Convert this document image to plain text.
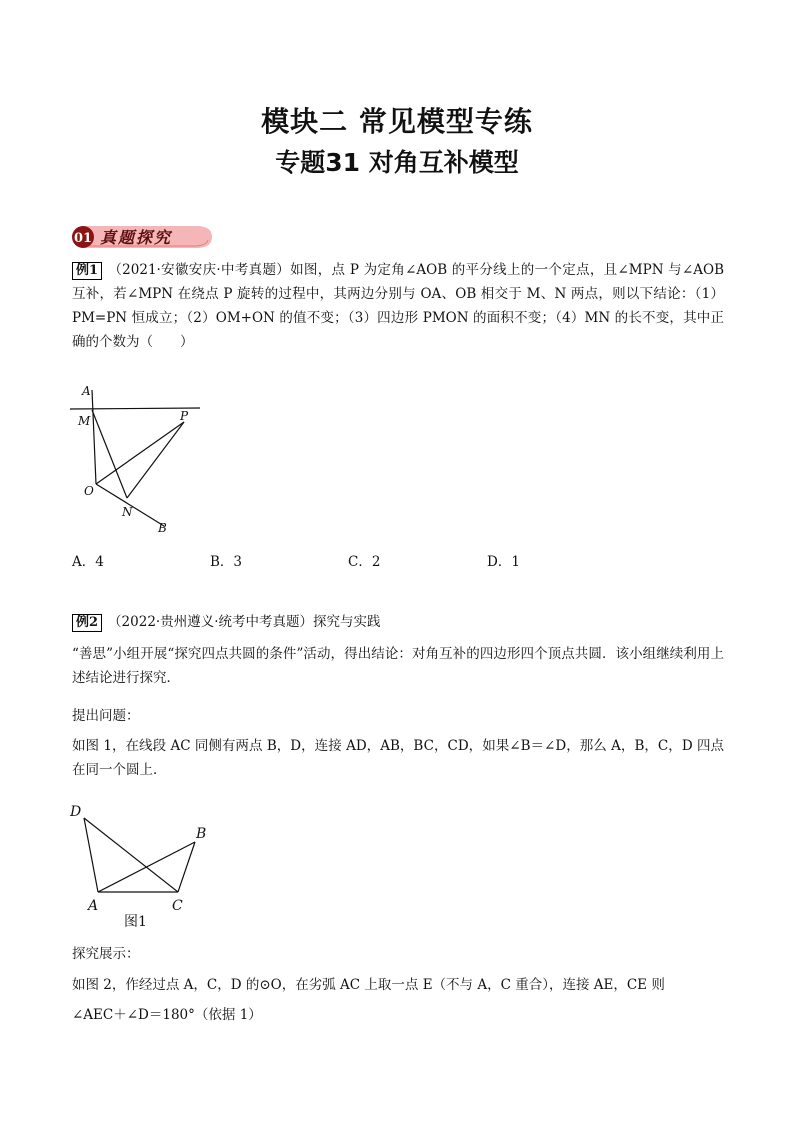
模块二 常见模型专练
专题31 对角互补模型
01 真题探究
例1 （2021·安徽安庆·中考真题）如图，点 P 为定角∠AOB 的平分线上的一个定点，且∠MPN 与∠AOB 互补，若∠MPN 在绕点 P 旋转的过程中，其两边分别与 OA、OB 相交于 M、N 两点，则以下结论：（1）PM=PN 恒成立；（2）OM+ON 的值不变；（3）四边形 PMON 的面积不变；（4）MN 的长不变，其中正确的个数为（　　）
A
M	P
O
N
B
A．4	B．3	C．2	D．1
例2 （2022·贵州遵义·统考中考真题）探究与实践
“善思”小组开展“探究四点共圆的条件”活动，得出结论：对角互补的四边形四个顶点共圆．该小组继续利用上述结论进行探究．
提出问题：
如图 1，在线段 AC 同侧有两点 B，D，连接 AD，AB，BC，CD，如果∠B＝∠D，那么 A，B，C，D 四点在同一个圆上．
D
B
A	C
图1
探究展示：
如图 2，作经过点 A，C，D 的⊙O，在劣弧 AC 上取一点 E（不与 A，C 重合），连接 AE，CE 则
∠AEC＋∠D＝180°（依据 1）
